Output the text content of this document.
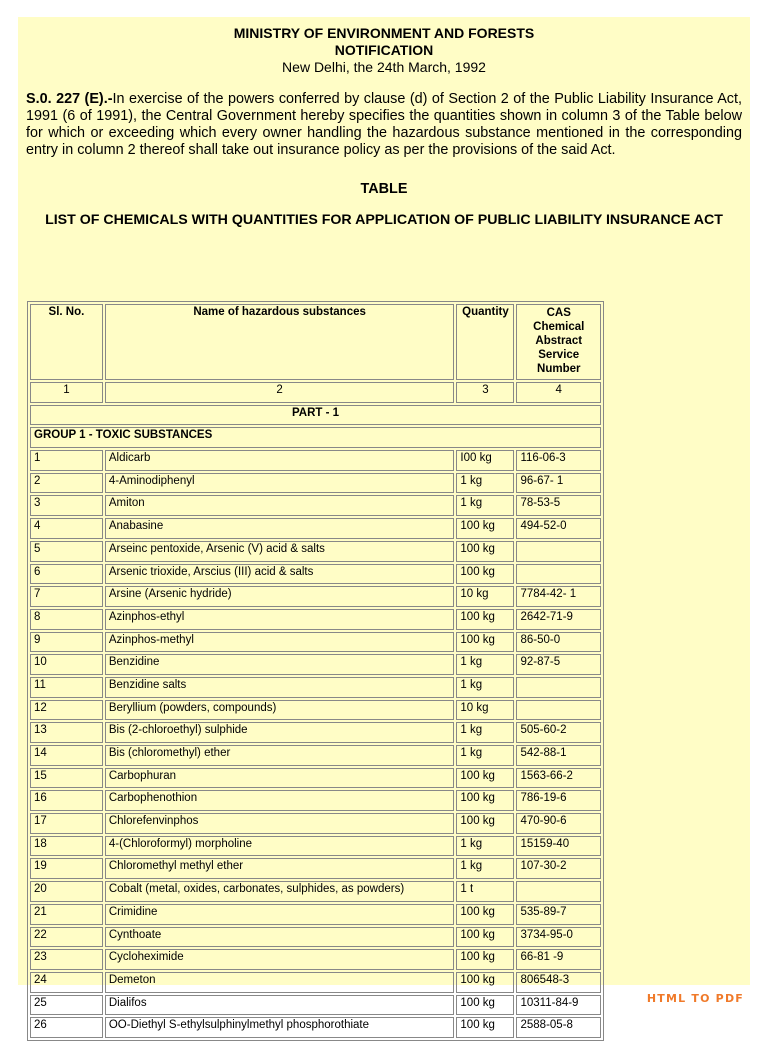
MINISTRY OF ENVIRONMENT AND FORESTS
NOTIFICATION
New Delhi, the 24th March, 1992
S.0. 227 (E).-In exercise of the powers conferred by clause (d) of Section 2 of the Public Liability Insurance Act, 1991 (6 of 1991), the Central Government hereby specifies the quantities shown in column 3 of the Table below for which or exceeding which every owner handling the hazardous substance mentioned in the corresponding entry in column 2 thereof shall take out insurance policy as per the provisions of the said Act.
TABLE
LIST OF CHEMICALS WITH QUANTITIES FOR APPLICATION OF PUBLIC LIABILITY INSURANCE ACT
Sl. No.	Name of hazardous substances	Quantity	CAS Chemical Abstract Service Number
1	2	3	4
PART - 1			
GROUP 1 - TOXIC SUBSTANCES			
1	Aldicarb	I00 kg	116-06-3
2	4-Aminodiphenyl	1 kg	96-67- 1
3	Amiton	1 kg	78-53-5
4	Anabasine	100 kg	494-52-0
5	Arseinc pentoxide, Arsenic (V) acid & salts	100 kg	
6	Arsenic trioxide, Arscius (III) acid & salts	100 kg	
7	Arsine (Arsenic hydride)	10 kg	7784-42- 1
8	Azinphos-ethyl	100 kg	2642-71-9
9	Azinphos-methyl	100 kg	86-50-0
10	Benzidine	1 kg	92-87-5
11	Benzidine salts	1 kg	
12	Beryllium (powders, compounds)	10 kg	
13	Bis (2-chloroethyl) sulphide	1 kg	505-60-2
14	Bis (chloromethyl) ether	1 kg	542-88-1
15	Carbophuran	100 kg	1563-66-2
16	Carbophenothion	100 kg	786-19-6
17	Chlorefenvinphos	100 kg	470-90-6
18	4-(Chloroformyl) morpholine	1 kg	15159-40
19	Chloromethyl methyl ether	1 kg	107-30-2
20	Cobalt (metal, oxides, carbonates, sulphides, as powders)	1 t	
21	Crimidine	100 kg	535-89-7
22	Cynthoate	100 kg	3734-95-0
23	Cycloheximide	100 kg	66-81 -9
24	Demeton	100 kg	806548-3
25	Dialifos	100 kg	10311-84-9
26	OO-Diethyl S-ethylsulphinylmethyl phosphorothiate	100 kg	2588-05-8
HTML TO PDF
